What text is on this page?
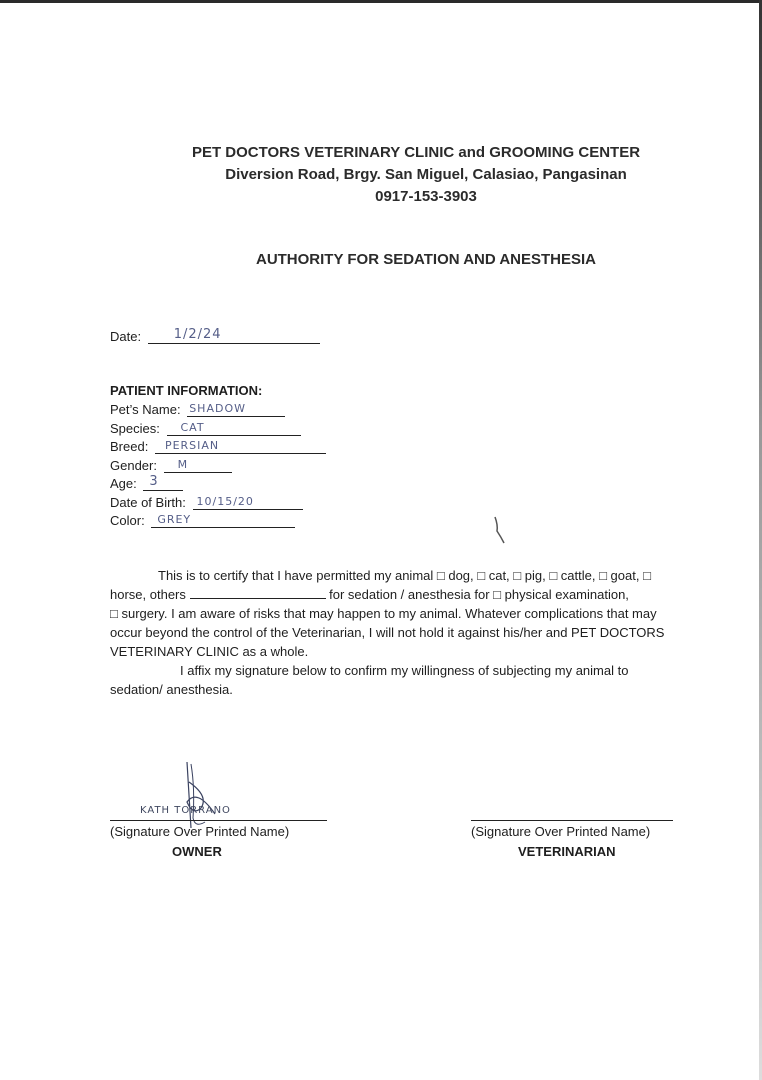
PET DOCTORS VETERINARY CLINIC and GROOMING CENTER
Diversion Road, Brgy. San Miguel, Calasiao, Pangasinan
0917-153-3903
AUTHORITY FOR SEDATION AND ANESTHESIA
Date:	1/2/24
PATIENT INFORMATION:
Pet’s Name: SHADOW
Species: CAT
Breed: PERSIAN
Gender: M
Age: 3
Date of Birth: 10/15/20
Color: GREY
This is to certify that I have permitted my animal □ dog, □ cat, □ pig, □ cattle, □ goat, □
horse, others	for sedation / anesthesia for □ physical examination,
□ surgery. I am aware of risks that may happen to my animal. Whatever complications that may
occur beyond the control of the Veterinarian, I will not hold it against his/her and PET DOCTORS
VETERINARY CLINIC as a whole.
I affix my signature below to confirm my willingness of subjecting my animal to
sedation/ anesthesia.
KATH TORRANO
(Signature Over Printed Name)
OWNER
(Signature Over Printed Name)
VETERINARIAN
